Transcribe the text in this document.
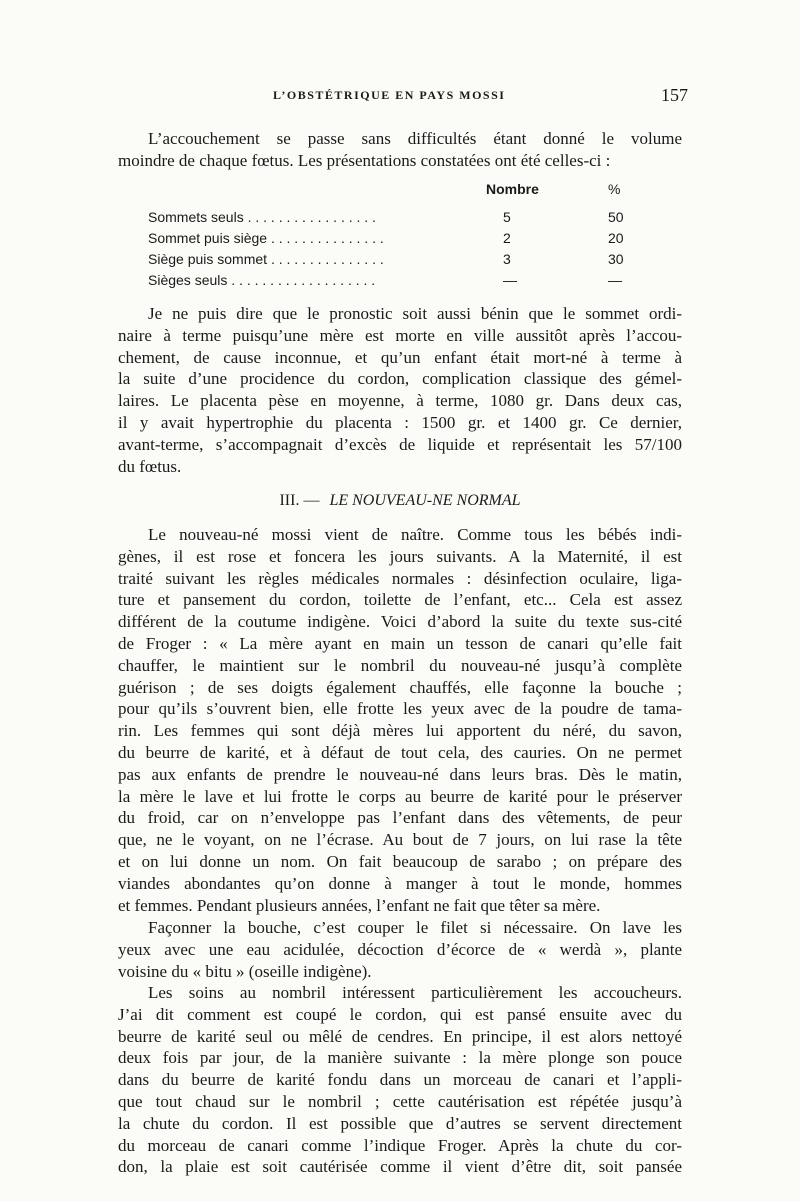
L’OBSTÉTRIQUE EN PAYS MOSSI	157
L’accouchement se passe sans difficultés étant donné le volume
moindre de chaque fœtus. Les présentations constatées ont été celles-ci :
Nombre	%
Sommets seuls . . . . . . . . . . . . . . . . .	5	50
Sommet puis siège . . . . . . . . . . . . . . .	2	20
Siège puis sommet . . . . . . . . . . . . . . .	3	30
Sièges seuls . . . . . . . . . . . . . . . . . . .	—	—
Je ne puis dire que le pronostic soit aussi bénin que le sommet ordi-
naire à terme puisqu’une mère est morte en ville aussitôt après l’accou-
chement, de cause inconnue, et qu’un enfant était mort-né à terme à
la suite d’une procidence du cordon, complication classique des gémel-
laires. Le placenta pèse en moyenne, à terme, 1080 gr. Dans deux cas,
il y avait hypertrophie du placenta : 1500 gr. et 1400 gr. Ce dernier,
avant-terme, s’accompagnait d’excès de liquide et représentait les 57/100
du fœtus.
III. — LE NOUVEAU-NE NORMAL
Le nouveau-né mossi vient de naître. Comme tous les bébés indi-
gènes, il est rose et foncera les jours suivants. A la Maternité, il est
traité suivant les règles médicales normales : désinfection oculaire, liga-
ture et pansement du cordon, toilette de l’enfant, etc... Cela est assez
différent de la coutume indigène. Voici d’abord la suite du texte sus-cité
de Froger : « La mère ayant en main un tesson de canari qu’elle fait
chauffer, le maintient sur le nombril du nouveau-né jusqu’à complète
guérison ; de ses doigts également chauffés, elle façonne la bouche ;
pour qu’ils s’ouvrent bien, elle frotte les yeux avec de la poudre de tama-
rin. Les femmes qui sont déjà mères lui apportent du néré, du savon,
du beurre de karité, et à défaut de tout cela, des cauries. On ne permet
pas aux enfants de prendre le nouveau-né dans leurs bras. Dès le matin,
la mère le lave et lui frotte le corps au beurre de karité pour le préserver
du froid, car on n’enveloppe pas l’enfant dans des vêtements, de peur
que, ne le voyant, on ne l’écrase. Au bout de 7 jours, on lui rase la tête
et on lui donne un nom. On fait beaucoup de sarabo ; on prépare des
viandes abondantes qu’on donne à manger à tout le monde, hommes
et femmes. Pendant plusieurs années, l’enfant ne fait que têter sa mère.
Façonner la bouche, c’est couper le filet si nécessaire. On lave les
yeux avec une eau acidulée, décoction d’écorce de « werdà », plante
voisine du « bitu » (oseille indigène).
Les soins au nombril intéressent particulièrement les accoucheurs.
J’ai dit comment est coupé le cordon, qui est pansé ensuite avec du
beurre de karité seul ou mêlé de cendres. En principe, il est alors nettoyé
deux fois par jour, de la manière suivante : la mère plonge son pouce
dans du beurre de karité fondu dans un morceau de canari et l’appli-
que tout chaud sur le nombril ; cette cautérisation est répétée jusqu’à
la chute du cordon. Il est possible que d’autres se servent directement
du morceau de canari comme l’indique Froger. Après la chute du cor-
don, la plaie est soit cautérisée comme il vient d’être dit, soit pansée
